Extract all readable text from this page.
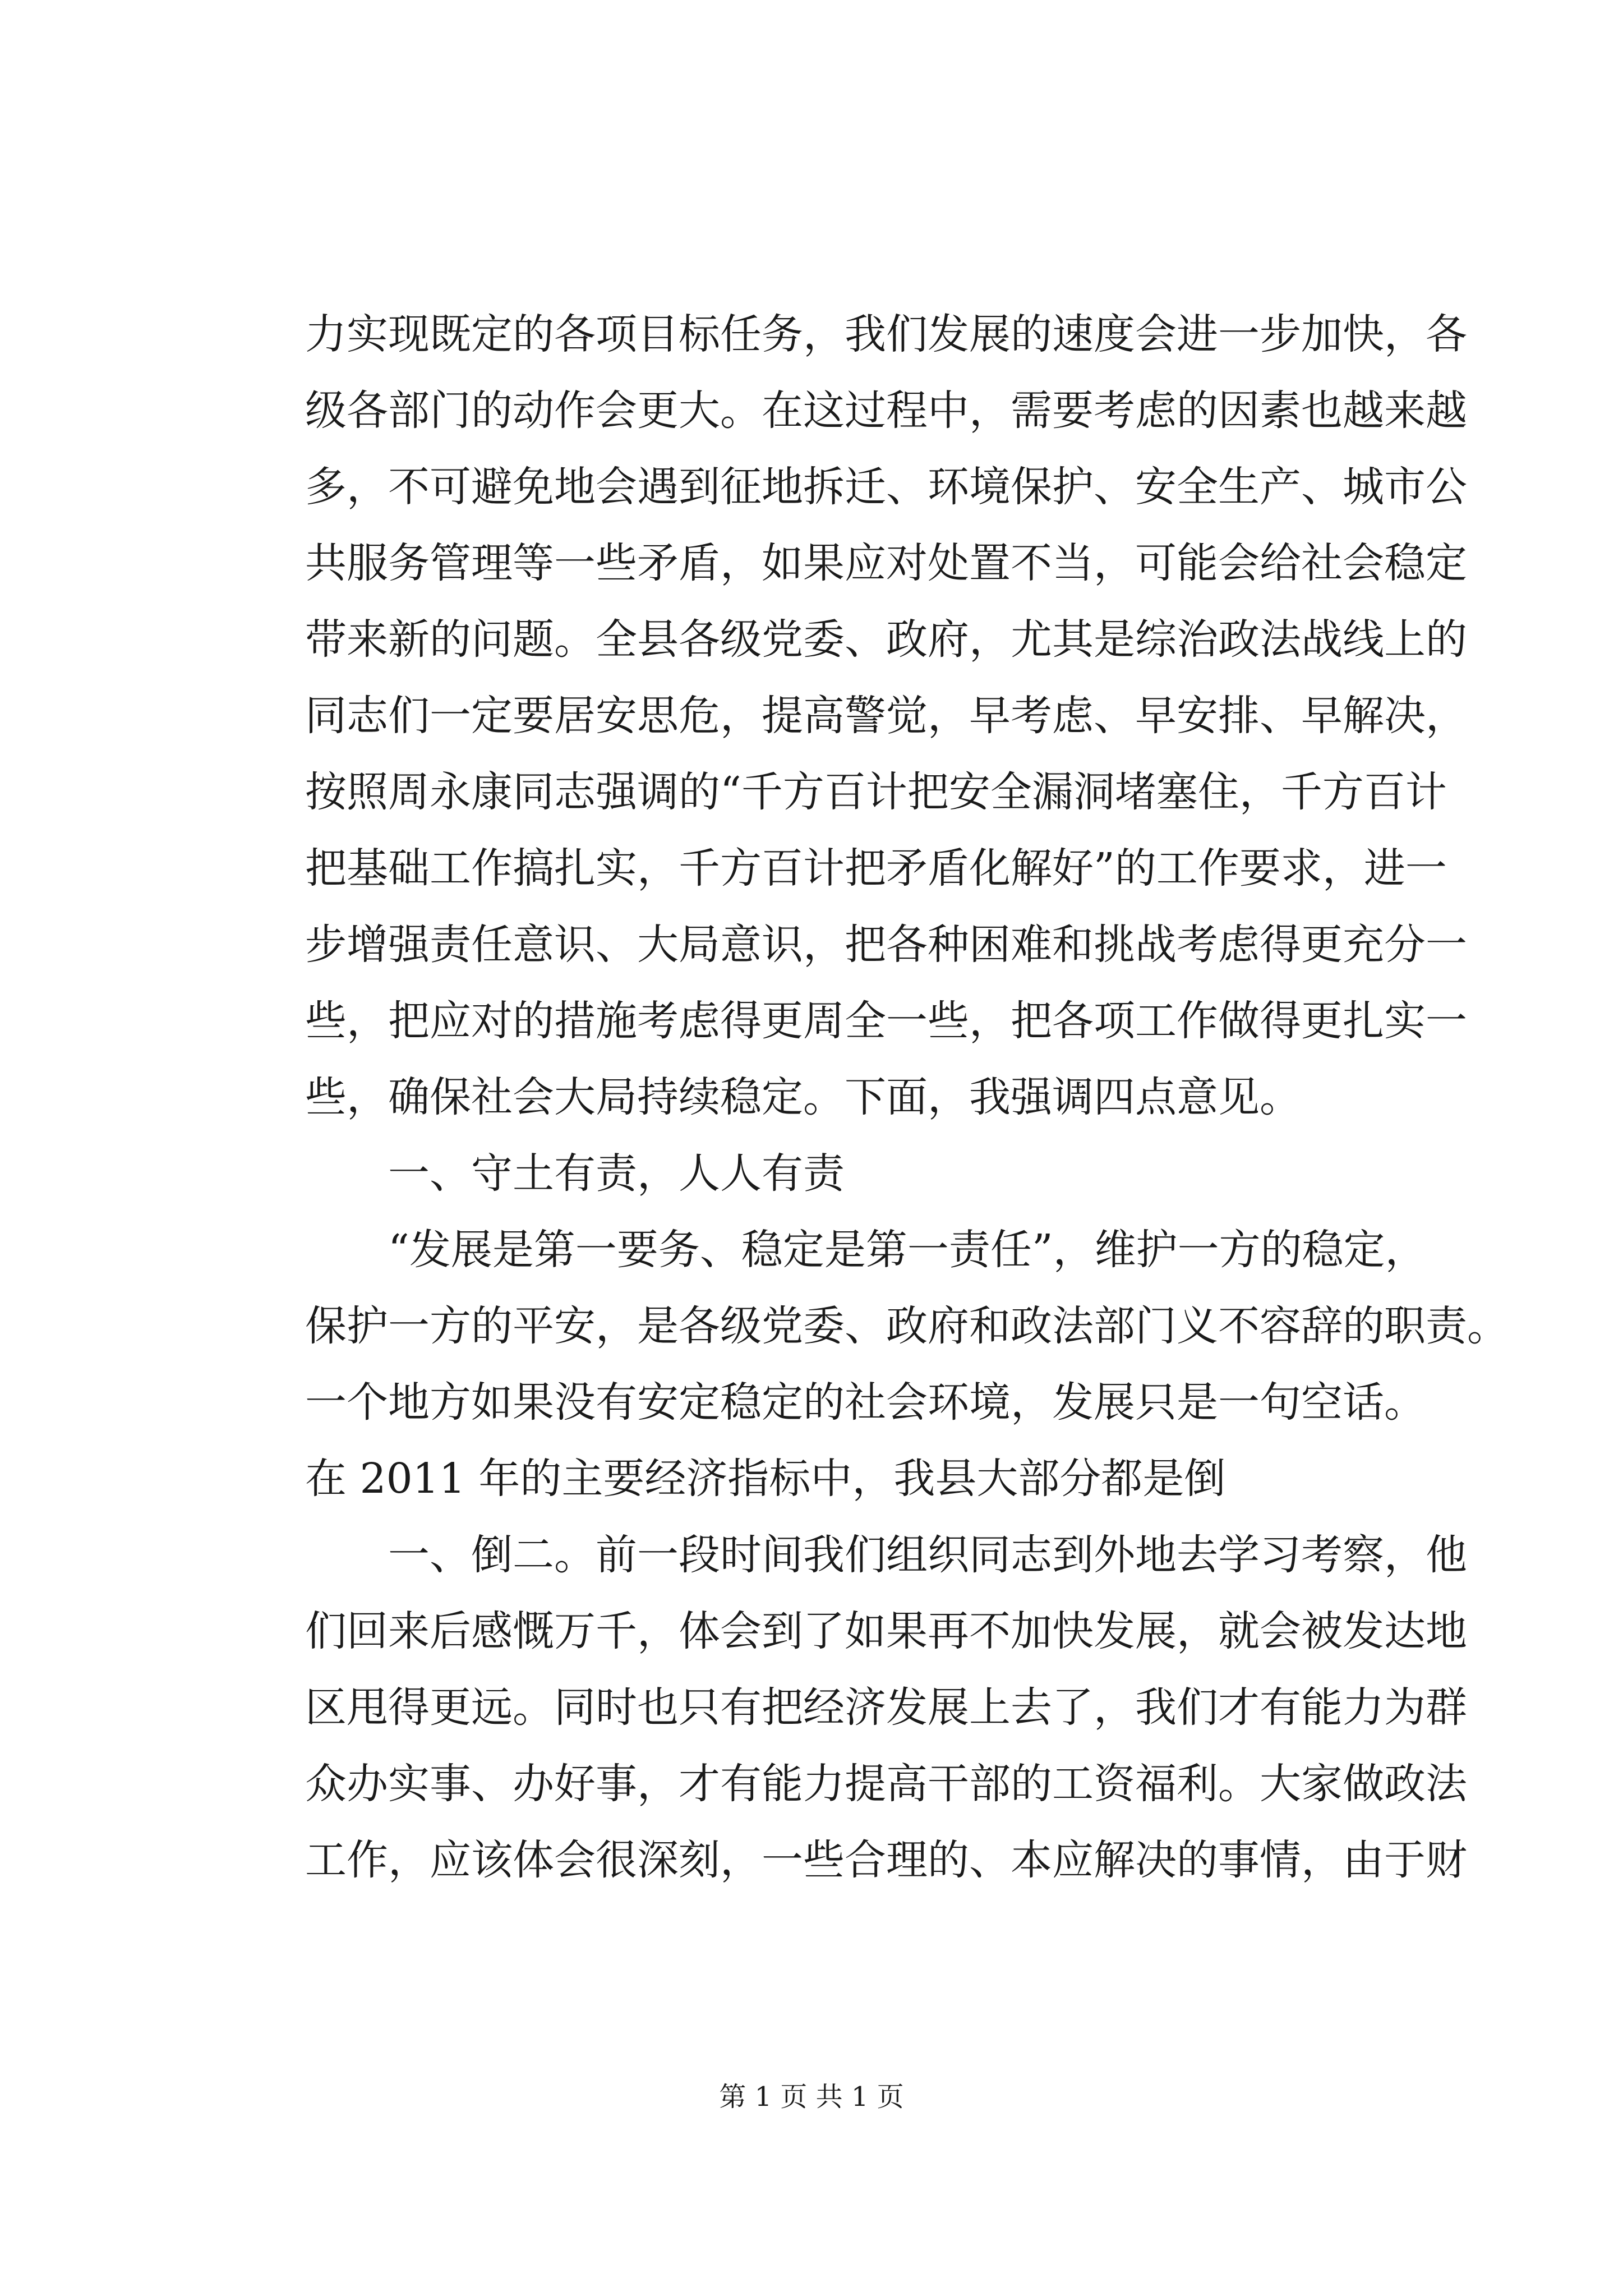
力实现既定的各项目标任务，我们发展的速度会进一步加快，各
级各部门的动作会更大。在这过程中，需要考虑的因素也越来越
多，不可避免地会遇到征地拆迁、环境保护、安全生产、城市公
共服务管理等一些矛盾，如果应对处置不当，可能会给社会稳定
带来新的问题。全县各级党委、政府，尤其是综治政法战线上的
同志们一定要居安思危，提高警觉，早考虑、早安排、早解决，
按照周永康同志强调的“千方百计把安全漏洞堵塞住，千方百计
把基础工作搞扎实，千方百计把矛盾化解好”的工作要求，进一
步增强责任意识、大局意识，把各种困难和挑战考虑得更充分一
些，把应对的措施考虑得更周全一些，把各项工作做得更扎实一
些，确保社会大局持续稳定。下面，我强调四点意见。
一、守土有责，人人有责
“发展是第一要务、稳定是第一责任”，维护一方的稳定，
保护一方的平安，是各级党委、政府和政法部门义不容辞的职责。
一个地方如果没有安定稳定的社会环境，发展只是一句空话。
在 2011 年的主要经济指标中，我县大部分都是倒
一、倒二。前一段时间我们组织同志到外地去学习考察，他
们回来后感慨万千，体会到了如果再不加快发展，就会被发达地
区甩得更远。同时也只有把经济发展上去了，我们才有能力为群
众办实事、办好事，才有能力提高干部的工资福利。大家做政法
工作，应该体会很深刻，一些合理的、本应解决的事情，由于财
第 1 页 共 1 页
